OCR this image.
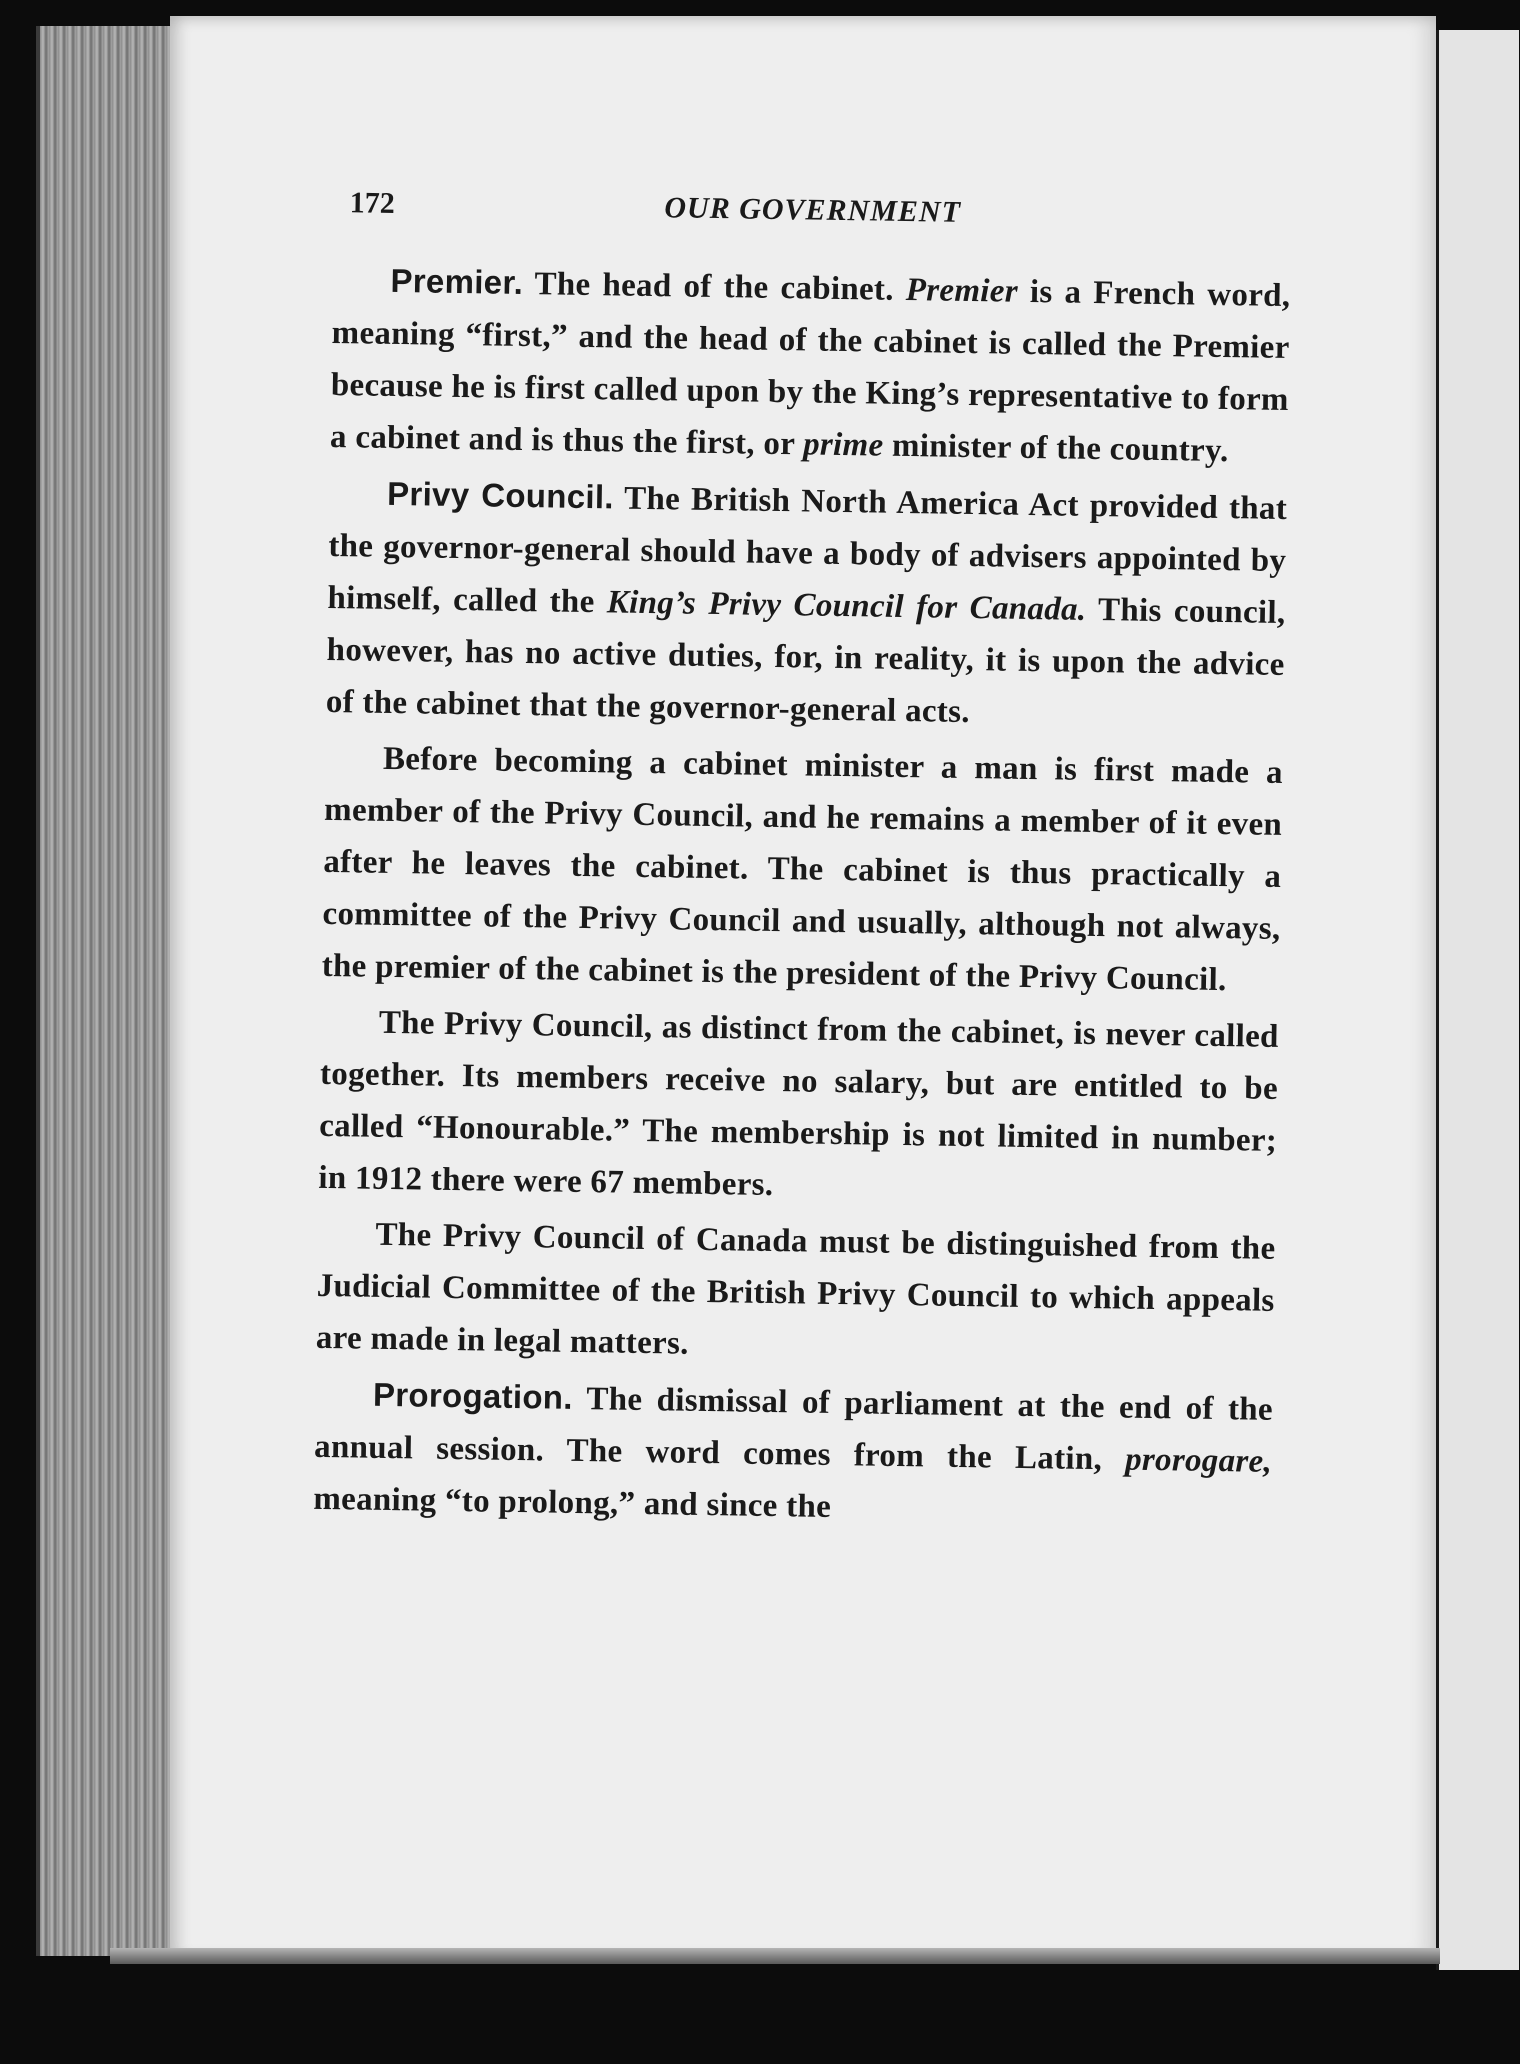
172	OUR GOVERNMENT

Premier. The head of the cabinet. Premier is a French word, meaning “first,” and the head of the cabinet is called the Premier because he is first called upon by the King’s representative to form a cabinet and is thus the first, or prime minister of the country.

Privy Council. The British North America Act provided that the governor-general should have a body of advisers appointed by himself, called the King’s Privy Council for Canada. This council, however, has no active duties, for, in reality, it is upon the advice of the cabinet that the governor-general acts.

Before becoming a cabinet minister a man is first made a member of the Privy Council, and he remains a member of it even after he leaves the cabinet. The cabinet is thus practically a committee of the Privy Council and usually, although not always, the premier of the cabinet is the president of the Privy Council.

The Privy Council, as distinct from the cabinet, is never called together. Its members receive no salary, but are entitled to be called “Honourable.” The membership is not limited in number; in 1912 there were 67 members.

The Privy Council of Canada must be distinguished from the Judicial Committee of the British Privy Council to which appeals are made in legal matters.

Prorogation. The dismissal of parliament at the end of the annual session. The word comes from the Latin, prorogare, meaning “to prolong,” and since the
